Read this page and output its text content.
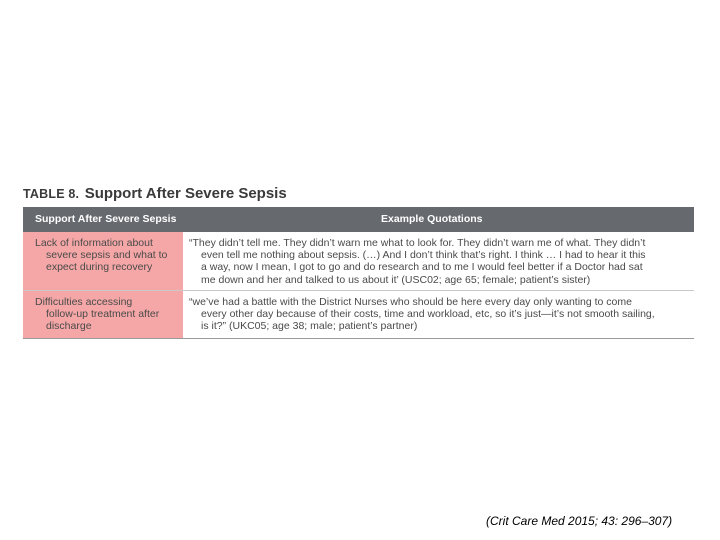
TABLE 8. Support After Severe Sepsis
Support After Severe Sepsis	Example Quotations
Lack of information about
severe sepsis and what to
expect during recovery
“They didn’t tell me. They didn’t warn me what to look for. They didn’t warn me of what. They didn’t
even tell me nothing about sepsis. (…) And I don’t think that’s right. I think … I had to hear it this
a way, now I mean, I got to go and do research and to me I would feel better if a Doctor had sat
me down and her and talked to us about it’ (USC02; age 65; female; patient’s sister)
Difficulties accessing
follow-up treatment after
discharge
“we’ve had a battle with the District Nurses who should be here every day only wanting to come
every other day because of their costs, time and workload, etc, so it’s just—it’s not smooth sailing,
is it?” (UKC05; age 38; male; patient’s partner)
(Crit Care Med 2015; 43: 296–307)
